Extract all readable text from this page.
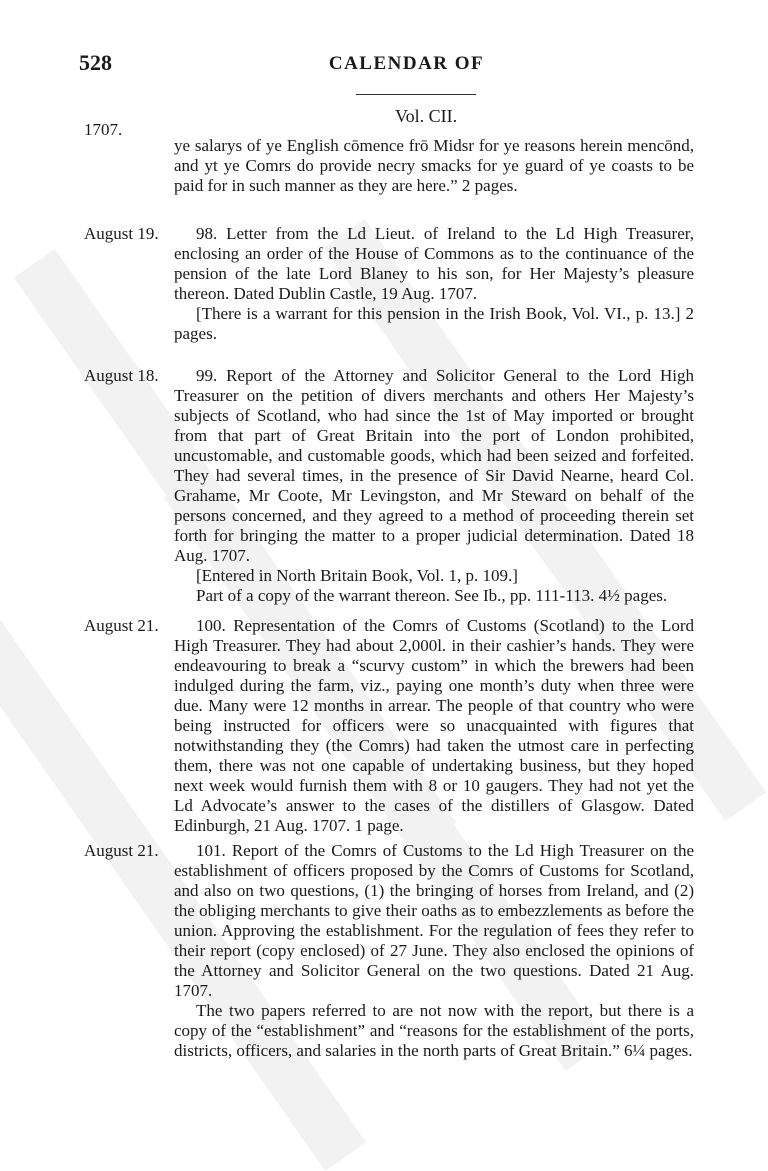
528	CALENDAR OF
Vol. CII.
1707.

ye salarys of ye English cōmence frō Midsr for ye reasons herein mencōnd, and yt ye Comrs do provide necry smacks for ye guard of ye coasts to be paid for in such manner as they are here.” 2 pages.

August 19.	98. Letter from the Ld Lieut. of Ireland to the Ld High Treasurer, enclosing an order of the House of Commons as to the continuance of the pension of the late Lord Blaney to his son, for Her Majesty’s pleasure thereon. Dated Dublin Castle, 19 Aug. 1707.

[There is a warrant for this pension in the Irish Book, Vol. VI., p. 13.] 2 pages.

August 18.	99. Report of the Attorney and Solicitor General to the Lord High Treasurer on the petition of divers merchants and others Her Majesty’s subjects of Scotland, who had since the 1st of May imported or brought from that part of Great Britain into the port of London prohibited, uncustomable, and customable goods, which had been seized and forfeited. They had several times, in the presence of Sir David Nearne, heard Col. Grahame, Mr Coote, Mr Levingston, and Mr Steward on behalf of the persons concerned, and they agreed to a method of proceeding therein set forth for bringing the matter to a proper judicial determination. Dated 18 Aug. 1707.

[Entered in North Britain Book, Vol. 1, p. 109.]

Part of a copy of the warrant thereon. See Ib., pp. 111-113. 4½ pages.

August 21.	100. Representation of the Comrs of Customs (Scotland) to the Lord High Treasurer. They had about 2,000l. in their cashier’s hands. They were endeavouring to break a “scurvy custom” in which the brewers had been indulged during the farm, viz., paying one month’s duty when three were due. Many were 12 months in arrear. The people of that country who were being instructed for officers were so unacquainted with figures that notwithstanding they (the Comrs) had taken the utmost care in perfecting them, there was not one capable of undertaking business, but they hoped next week would furnish them with 8 or 10 gaugers. They had not yet the Ld Advocate’s answer to the cases of the distillers of Glasgow. Dated Edinburgh, 21 Aug. 1707. 1 page.

August 21.	101. Report of the Comrs of Customs to the Ld High Treasurer on the establishment of officers proposed by the Comrs of Customs for Scotland, and also on two questions, (1) the bringing of horses from Ireland, and (2) the obliging merchants to give their oaths as to embezzlements as before the union. Approving the establishment. For the regulation of fees they refer to their report (copy enclosed) of 27 June. They also enclosed the opinions of the Attorney and Solicitor General on the two questions. Dated 21 Aug. 1707.

The two papers referred to are not now with the report, but there is a copy of the “establishment” and “reasons for the establishment of the ports, districts, officers, and salaries in the north parts of Great Britain.” 6¼ pages.
